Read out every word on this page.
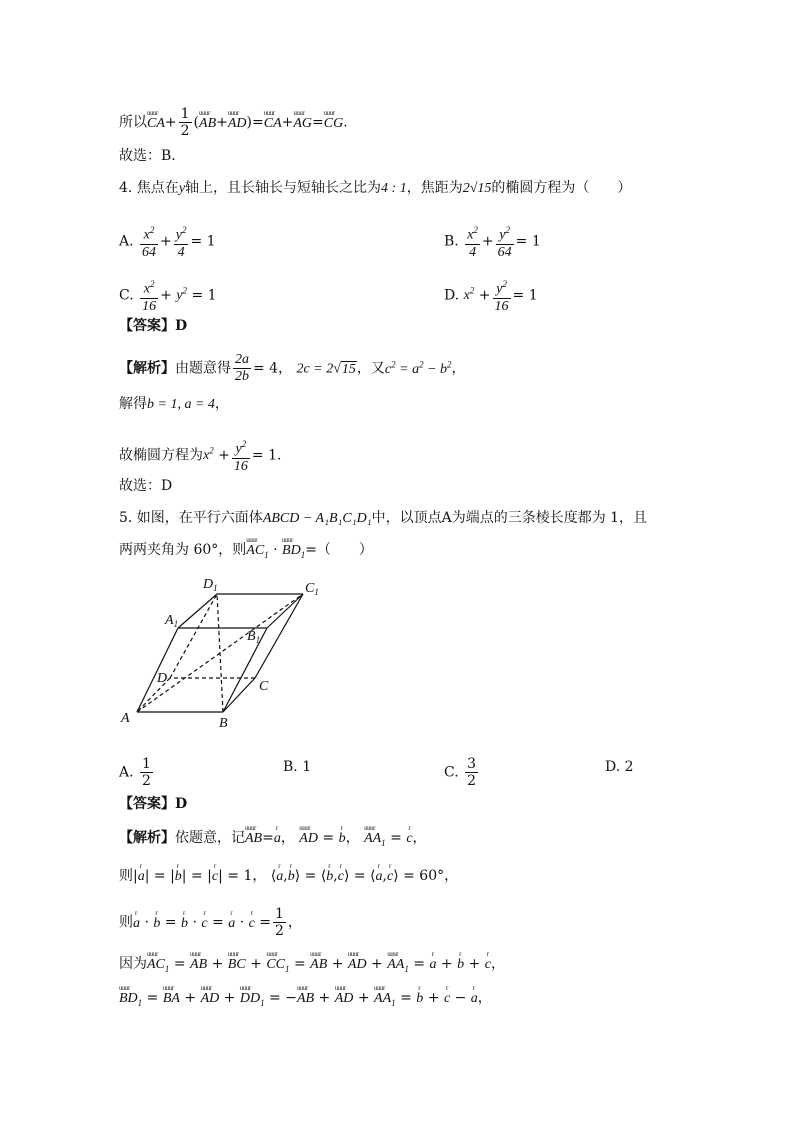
所以uuur $CA+ \frac{1}{2}$ (uuur AB+uuur AD)=uuur CA+uuur AG=uuur CG.
故选：B.
4. 焦点在y轴上，且长轴长与短轴长之比为4 : 1，焦距为2√15的椭圆方程为（　　）
A. $\frac{x^2}{64} + \frac{y^2}{4} = 1$	B. $\frac{x^2}{4} + \frac{y^2}{64} = 1$
C. $\frac{x^2}{16} + y^2 = 1$	D. $x^2 + \frac{y^2}{16} = 1$
【答案】D
【解析】由题意得 $\frac{2a}{2b} = 4$， 2c = 2√15，又$c^2 = a^2 - b^2$，
解得b = 1, a = 4，
故椭圆方程为$x^2 + \frac{y^2}{16} = 1$.
故选：D
5. 如图，在平行六面体ABCD − A₁B₁C₁D₁中，以顶点A为端点的三条棱长度都为 1，且
两两夹角为 60°，则uuur $AC_1$ · uuur $BD_1=$（　　）
$D_1$	$C_1$
$A_1$
$B_1$
D
C
A	B
A. $\frac{1}{2}$	B. 1	C. $\frac{3}{2}$	D. 2
【答案】D
【解析】依题意，记uuur AB=r a， uuur AD = r b， uuur $AA_1 = r$ c，
则|r a| = |r b| = |r c| = 1， ⟨r a,r b⟩ = ⟨r b,r c⟩ = ⟨r a,r c⟩ = 60°，
则r a · r b = r b · r c = r a · r $c = \frac{1}{2}$ ，
因为uuur $AC_1$ = uuur AB + uuur BC + uuur $CC_1$ = uuur AB + uuur AD + uuur $AA_1 = r$ a + r b + r c，
uuur $BD_1$ = uuur BA + uuur AD + uuur $DD_1$ = −uuur AB + uuur AD + uuur $AA_1 = r$ b + r c − r a，
